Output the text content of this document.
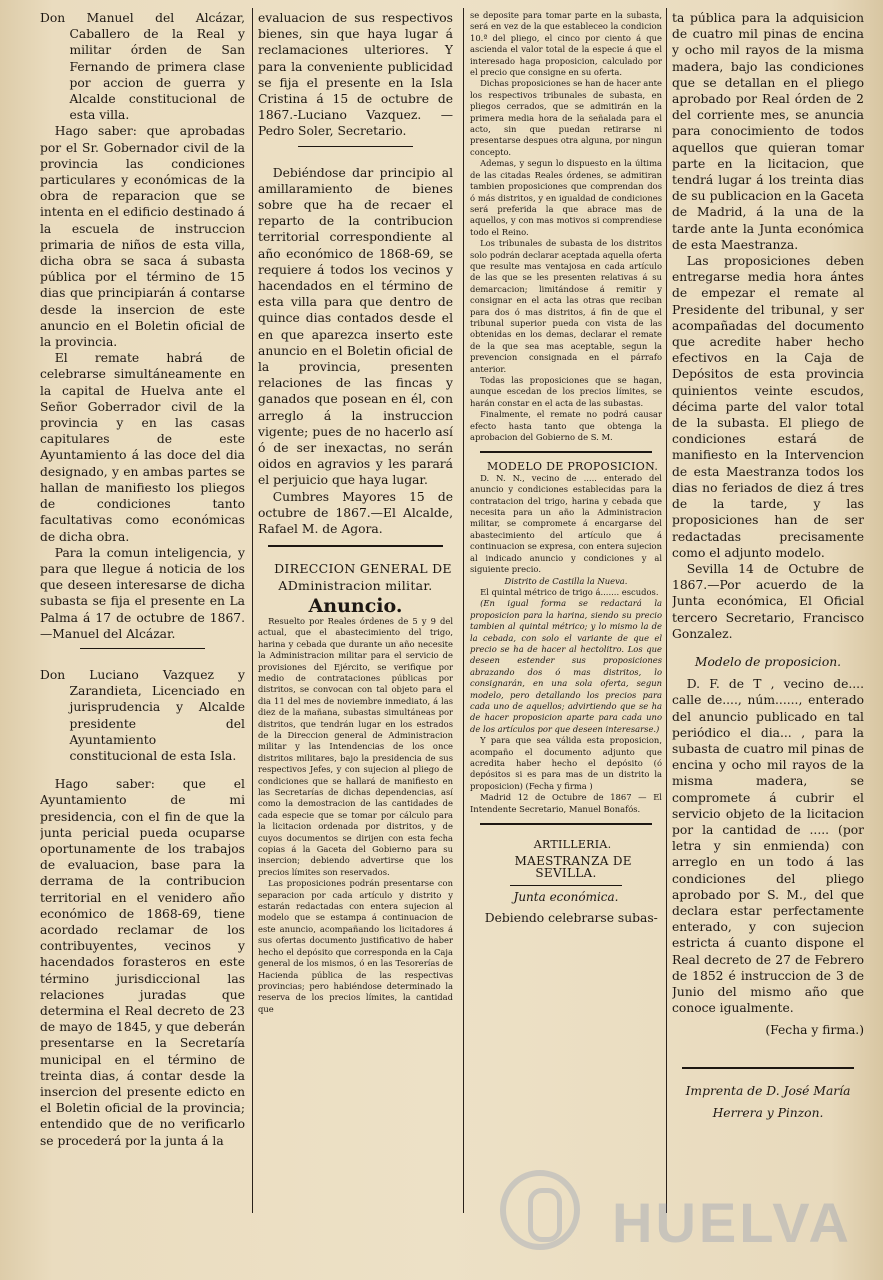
Don Manuel del Alcázar, Caballero de la Real y militar órden de San Fernando de primera clase por accion de guerra y Alcalde constitucional de esta villa.

Hago saber: que aprobadas por el Sr. Gobernador civil de la provincia las condiciones particulares y económicas de la obra de reparacion que se intenta en el edificio destinado á la escuela de instruccion primaria de niños de esta villa, dicha obra se saca á subasta pública por el término de 15 dias que principiarán á contarse desde la insercion de este anuncio en el Boletin oficial de la provincia.

El remate habrá de celebrarse simultáneamente en la capital de Huelva ante el Señor Goberrador civil de la provincia y en las casas capitulares de este Ayuntamiento á las doce del dia designado, y en ambas partes se hallan de manifiesto los pliegos de condiciones tanto facultativas como económicas de dicha obra.

Para la comun inteligencia, y para que llegue á noticia de los que deseen interesarse de dicha subasta se fija el presente en La Palma á 17 de octubre de 1867.—Manuel del Alcázar.

Don Luciano Vazquez y Zarandieta, Licenciado en jurisprudencia y Alcalde presidente del Ayuntamiento constitucional de esta Isla.

Hago saber: que el Ayuntamiento de mi presidencia, con el fin de que la junta pericial pueda ocuparse oportunamente de los trabajos de evaluacion, base para la derrama de la contribucion territorial en el venidero año económico de 1868-69, tiene acordado reclamar de los contribuyentes, vecinos y hacendados forasteros en este término jurisdiccional las relaciones juradas que determina el Real decreto de 23 de mayo de 1845, y que deberán presentarse en la Secretaría municipal en el término de treinta dias, á contar desde la insercion del presente edicto en el Boletin oficial de la provincia; entendido que de no verificarlo se procederá por la junta á la

evaluacion de sus respectivos bienes, sin que haya lugar á reclamaciones ulteriores. Y para la conveniente publicidad se fija el presente en la Isla Cristina á 15 de octubre de 1867.-Luciano Vazquez. —Pedro Soler, Secretario.

Debiéndose dar principio al amillaramiento de bienes sobre que ha de recaer el reparto de la contribucion territorial correspondiente al año económico de 1868-69, se requiere á todos los vecinos y hacendados en el término de esta villa para que dentro de quince dias contados desde el en que aparezca inserto este anuncio en el Boletin oficial de la provincia, presenten relaciones de las fincas y ganados que posean en él, con arreglo á la instruccion vigente; pues de no hacerlo así ó de ser inexactas, no serán oidos en agravios y les parará el perjuicio que haya lugar.

Cumbres Mayores 15 de octubre de 1867.—El Alcalde, Rafael M. de Agora.

DIRECCION GENERAL DE ADministracion militar.

Anuncio.

Resuelto por Reales órdenes de 5 y 9 del actual, que el abastecimiento del trigo, harina y cebada que durante un año necesite la Administracion militar para el servicio de provisiones del Ejército, se verifique por medio de contrataciones públicas por distritos, se convocan con tal objeto para el dia 11 del mes de noviembre inmediato, á las diez de la mañana, subastas simultáneas por distritos, que tendrán lugar en los estrados de la Direccion general de Administracion militar y las Intendencias de los once distritos militares, bajo la presidencia de sus respectivos Jefes, y con sujecion al pliego de condiciones que se hallará de manifiesto en las Secretarías de dichas dependencias, así como la demostracion de las cantidades de cada especie que se tomar por cálculo para la licitacion ordenada por distritos, y de cuyos documentos se dirijen con esta fecha copias á la Gaceta del Gobierno para su insercion; debiendo advertirse que los precios límites son reservados.

Las proposiciones podrán presentarse con separacion por cada artículo y distrito y estarán redactadas con entera sujecion al modelo que se estampa á continuacion de este anuncio, acompañando los licitadores á sus ofertas documento justificativo de haber hecho el depósito que corresponda en la Caja general de los mismos, ó en las Tesorerías de Hacienda pública de las respectivas provincias; pero habiéndose determinado la reserva de los precios límites, la cantidad que

se deposite para tomar parte en la subasta, será en vez de la que estableceo la condicion 10.ª del pliego, el cinco por ciento á que ascienda el valor total de la especie á que el interesado haga proposicion, calculado por el precio que consigne en su oferta.

Dichas proposiciones se han de hacer ante los respectivos tribunales de subasta, en pliegos cerrados, que se admitirán en la primera media hora de la señalada para el acto, sin que puedan retirarse ni presentarse despues otra alguna, por ningun concepto.

Ademas, y segun lo dispuesto en la última de las citadas Reales órdenes, se admitiran tambien proposiciones que comprendan dos ó más distritos, y en igualdad de condiciones será preferida la que abrace mas de aquellos, y con mas motivos si comprendiese todo el Reino.

Los tribunales de subasta de los distritos solo podrán declarar aceptada aquella oferta que resulte mas ventajosa en cada artículo de las que se les presenten relativas á su demarcacion; limitándose á remitir y consignar en el acta las otras que reciban para dos ó mas distritos, á fin de que el tribunal superior pueda con vista de las obtenidas en los demas, declarar el remate de la que sea mas aceptable, segun la prevencion consignada en el párrafo anterior.

Todas las proposiciones que se hagan, aunque escedan de los precios límites, se harán constar en el acta de las subastas.

Finalmente, el remate no podrá causar efecto hasta tanto que obtenga la aprobacion del Gobierno de S. M.

MODELO DE PROPOSICION.

D. N. N., vecino de ..... enterado del anuncio y condiciones establecidas para la contratacion del trigo, harina y cebada que necesita para un año la Administracion militar, se compromete á encargarse del abastecimiento del artículo que á continuacion se expresa, con entera sujecion al indicado anuncio y condiciones y al siguiente precio.

Distrito de Castilla la Nueva.

El quintal métrico de trigo á....... escudos.

(En igual forma se redactará la proposicion para la harina, siendo su precio tambien al quintal métrico; y lo mismo la de la cebada, con solo el variante de que el precio se ha de hacer al hectolitro. Los que deseen estender sus proposiciones abrazando dos ó mas distritos, lo consignarán, en una sola oferta, segun modelo, pero detallando los precios para cada uno de aquellos; advirtiendo que se ha de hacer proposicion aparte para cada uno de los artículos por que deseen interesarse.)

Y para que sea válida esta proposicion, acompaño el documento adjunto que acredita haber hecho el depósito (ó depósitos si es para mas de un distrito la proposicion) (Fecha y firma )

Madrid 12 de Octubre de 1867 — El Intendente Secretario, Manuel Bonafós.

ARTILLERIA.

MAESTRANZA DE SEVILLA.

Junta económica.

Debiendo celebrarse subas-

ta pública para la adquisicion de cuatro mil pinas de encina y ocho mil rayos de la misma madera, bajo las condiciones que se detallan en el pliego aprobado por Real órden de 2 del corriente mes, se anuncia para conocimiento de todos aquellos que quieran tomar parte en la licitacion, que tendrá lugar á los treinta dias de su publicacion en la Gaceta de Madrid, á la una de la tarde ante la Junta económica de esta Maestranza.

Las proposiciones deben entregarse media hora ántes de empezar el remate al Presidente del tribunal, y ser acompañadas del documento que acredite haber hecho efectivos en la Caja de Depósitos de esta provincia quinientos veinte escudos, décima parte del valor total de la subasta. El pliego de condiciones estará de manifiesto en la Intervencion de esta Maestranza todos los dias no feriados de diez á tres de la tarde, y las proposiciones han de ser redactadas precisamente como el adjunto modelo.

Sevilla 14 de Octubre de 1867.—Por acuerdo de la Junta económica, El Oficial tercero Secretario, Francisco Gonzalez.

Modelo de proposicion.

D. F. de T , vecino de.... calle de...., núm......, enterado del anuncio publicado en tal periódico el dia... , para la subasta de cuatro mil pinas de encina y ocho mil rayos de la misma madera, se compromete á cubrir el servicio objeto de la licitacion por la cantidad de ..... (por letra y sin enmienda) con arreglo en un todo á las condiciones del pliego aprobado por S. M., del que declara estar perfectamente enterado, y con sujecion estricta á cuanto dispone el Real decreto de 27 de Febrero de 1852 é instruccion de 3 de Junio del mismo año que conoce igualmente.

(Fecha y firma.)

Imprenta de D. José María

Herrera y Pinzon.

HUELVA
